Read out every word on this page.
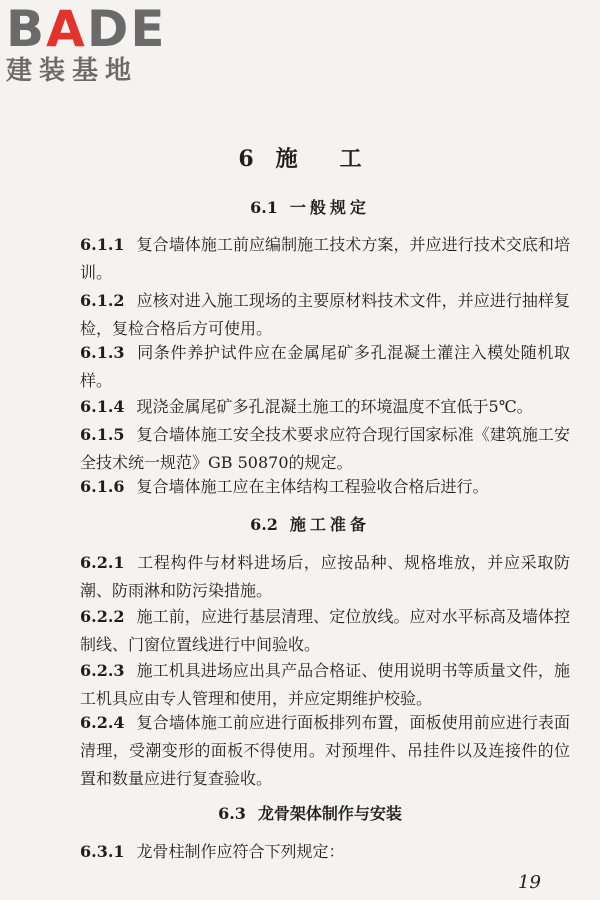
BADE
建装基地
6 施 工
6.1 一般规定
6.1.1 复合墙体施工前应编制施工技术方案，并应进行技术交底和培训。
6.1.2 应核对进入施工现场的主要原材料技术文件，并应进行抽样复检，复检合格后方可使用。
6.1.3 同条件养护试件应在金属尾矿多孔混凝土灌注入模处随机取样。
6.1.4 现浇金属尾矿多孔混凝土施工的环境温度不宜低于5℃。
6.1.5 复合墙体施工安全技术要求应符合现行国家标准《建筑施工安全技术统一规范》GB 50870的规定。
6.1.6 复合墙体施工应在主体结构工程验收合格后进行。
6.2 施工准备
6.2.1 工程构件与材料进场后，应按品种、规格堆放，并应采取防潮、防雨淋和防污染措施。
6.2.2 施工前，应进行基层清理、定位放线。应对水平标高及墙体控制线、门窗位置线进行中间验收。
6.2.3 施工机具进场应出具产品合格证、使用说明书等质量文件，施工机具应由专人管理和使用，并应定期维护校验。
6.2.4 复合墙体施工前应进行面板排列布置，面板使用前应进行表面清理，受潮变形的面板不得使用。对预埋件、吊挂件以及连接件的位置和数量应进行复查验收。
6.3 龙骨架体制作与安装
6.3.1 龙骨柱制作应符合下列规定：
19
